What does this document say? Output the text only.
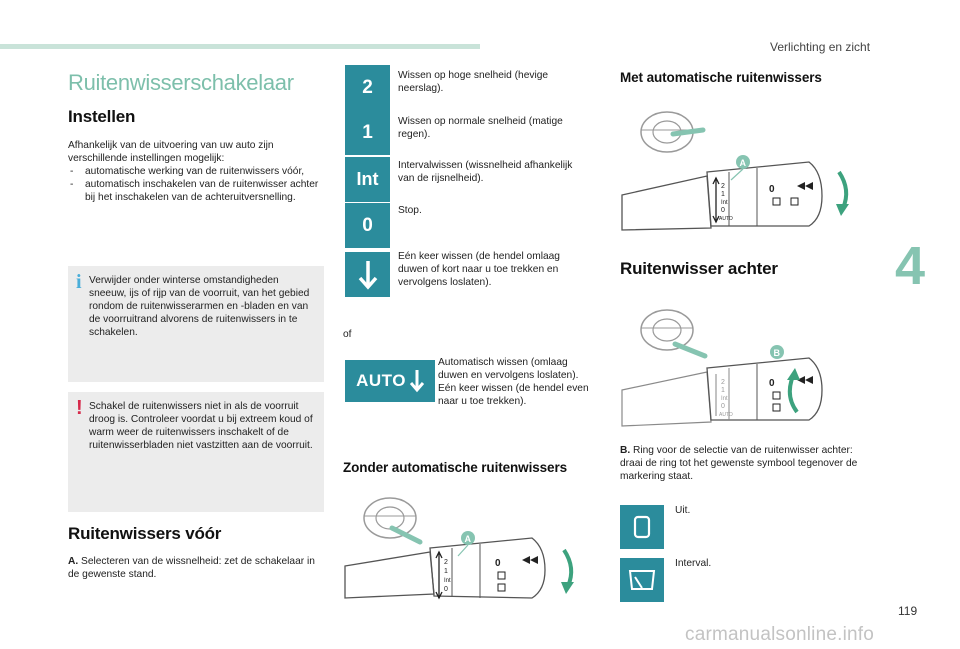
Verlichting en zicht
Ruitenwisserschakelaar
Instellen

Afhankelijk van de uitvoering van uw auto zijn verschillende instellingen mogelijk:

- automatische werking van de ruitenwissers vóór,
- automatisch inschakelen van de ruitenwisser achter bij het inschakelen van de achteruitversnelling.
i Verwijder onder winterse omstandigheden sneeuw, ijs of rijp van de voorruit, van het gebied rondom de ruitenwisserarmen en -bladen en van de voorruitrand alvorens de ruitenwissers in te schakelen.

! Schakel de ruitenwissers niet in als de voorruit droog is. Controleer voordat u bij extreem koud of warm weer de ruitenwissers inschakelt of de ruitenwisserbladen niet vastzitten aan de voorruit.

Ruitenwissers vóór

A. Selecteren van de wissnelheid: zet de schakelaar in de gewenste stand.

2

Wissen op hoge snelheid (hevige neerslag).

1	Wissen op normale snelheid (matige regen).

Int

Intervalwissen (wissnelheid afhankelijk van de rijsnelheid).

0

Stop.

Eén keer wissen (de hendel omlaag duwen of kort naar u toe trekken en vervolgens loslaten).

of

AUTO

Automatisch wissen (omlaag duwen en vervolgens loslaten). Eén keer wissen (de hendel even naar u toe trekken).

Zonder automatische ruitenwissers
2
1
Int
0
0
A
Met automatische ruitenwissers
2
1
Int
0
AUTO
0
A
Ruitenwisser achter
2
1
Int
0
AUTO
0
B

B. Ring voor de selectie van de ruitenwisser achter: draai de ring tot het gewenste symbool tegenover de markering staat.

Uit.

Interval.

4
119
carmanualsonline.info
